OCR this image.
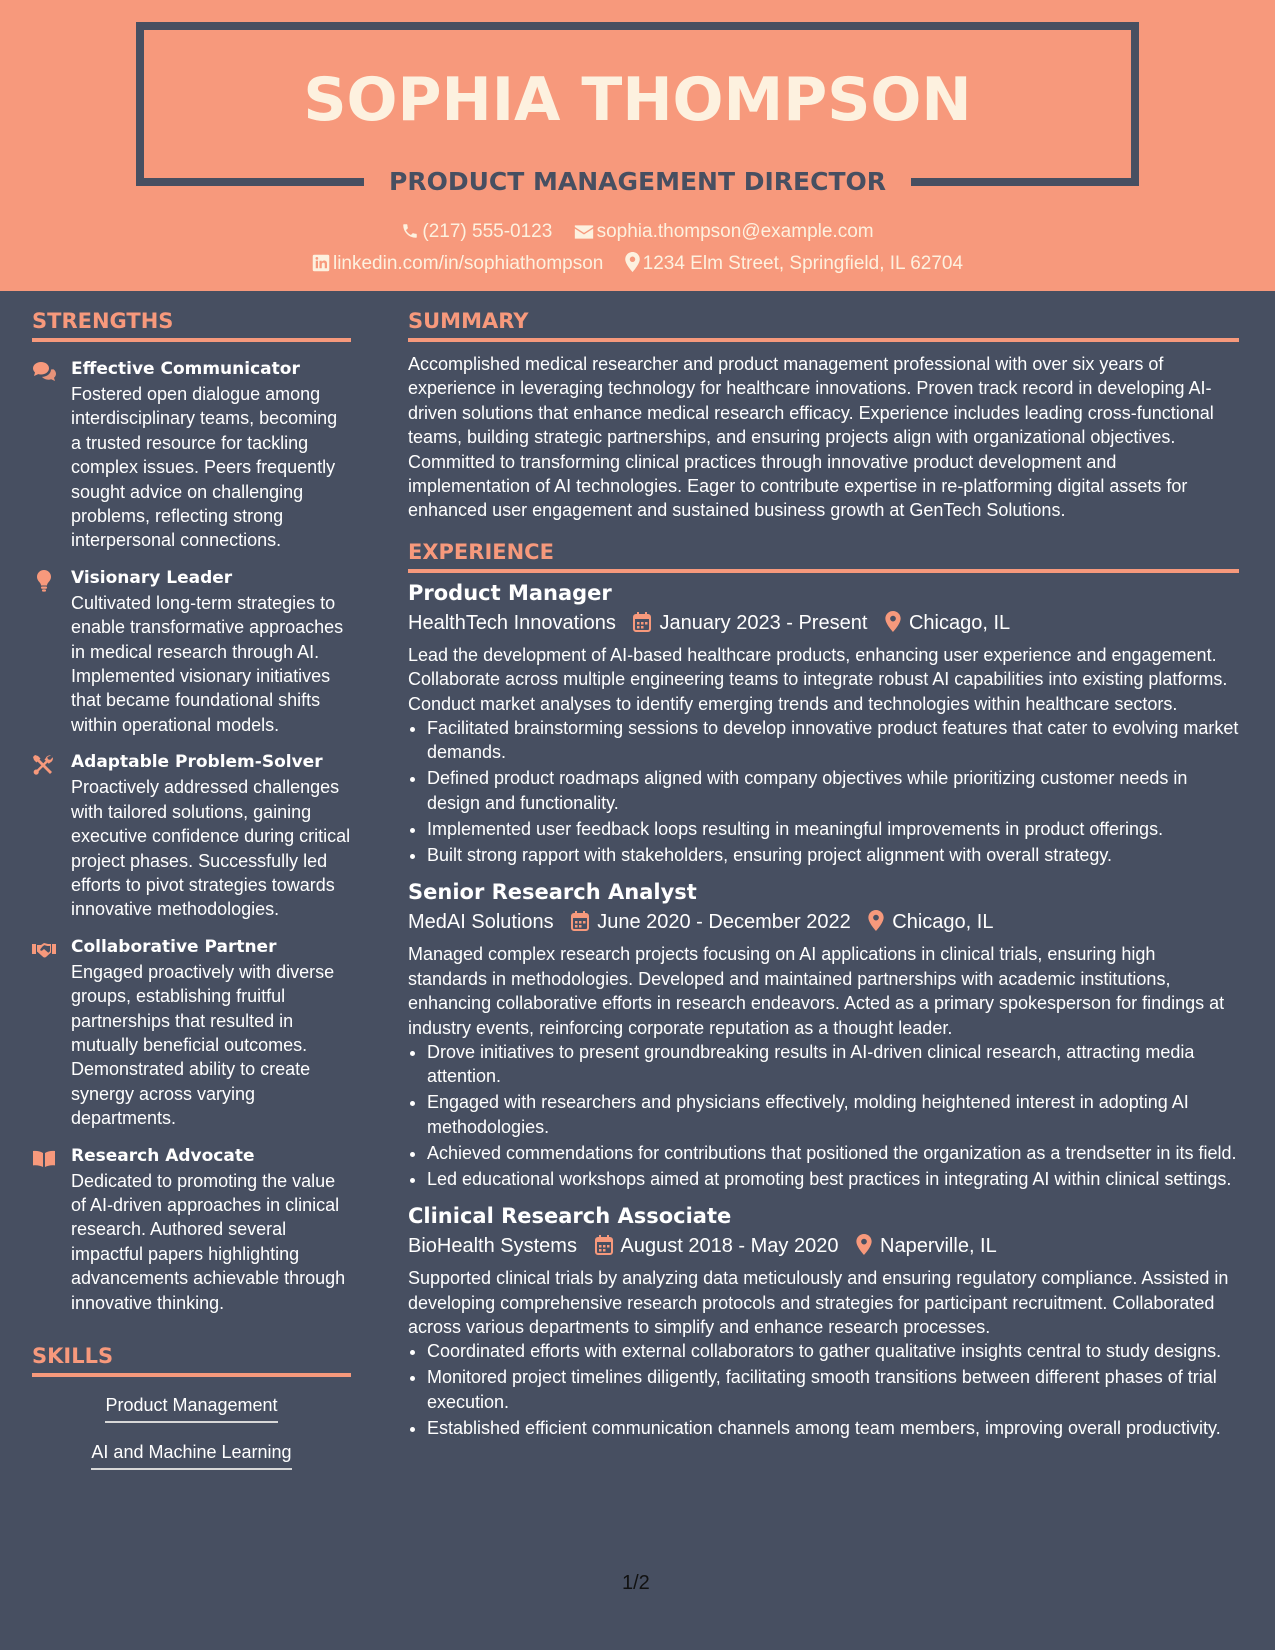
SOPHIA THOMPSON
PRODUCT MANAGEMENT DIRECTOR
(217) 555-0123 sophia.thompson@example.com
linkedin.com/in/sophiathompson 1234 Elm Street, Springfield, IL 62704
STRENGTHS
Effective Communicator
Fostered open dialogue among interdisciplinary teams, becoming a trusted resource for tackling complex issues. Peers frequently sought advice on challenging problems, reflecting strong interpersonal connections.
Visionary Leader
Cultivated long-term strategies to enable transformative approaches in medical research through AI. Implemented visionary initiatives that became foundational shifts within operational models.
Adaptable Problem-Solver
Proactively addressed challenges with tailored solutions, gaining executive confidence during critical project phases. Successfully led efforts to pivot strategies towards innovative methodologies.
Collaborative Partner
Engaged proactively with diverse groups, establishing fruitful partnerships that resulted in mutually beneficial outcomes. Demonstrated ability to create synergy across varying departments.
Research Advocate
Dedicated to promoting the value of AI-driven approaches in clinical research. Authored several impactful papers highlighting advancements achievable through innovative thinking.
SKILLS
Product Management
AI and Machine Learning
SUMMARY
Accomplished medical researcher and product management professional with over six years of experience in leveraging technology for healthcare innovations. Proven track record in developing AI-driven solutions that enhance medical research efficacy. Experience includes leading cross-functional teams, building strategic partnerships, and ensuring projects align with organizational objectives. Committed to transforming clinical practices through innovative product development and implementation of AI technologies. Eager to contribute expertise in re-platforming digital assets for enhanced user engagement and sustained business growth at GenTech Solutions.
EXPERIENCE
Product Manager
HealthTech Innovations January 2023 - Present Chicago, IL
Lead the development of AI-based healthcare products, enhancing user experience and engagement. Collaborate across multiple engineering teams to integrate robust AI capabilities into existing platforms. Conduct market analyses to identify emerging trends and technologies within healthcare sectors.
• Facilitated brainstorming sessions to develop innovative product features that cater to evolving market demands.
• Defined product roadmaps aligned with company objectives while prioritizing customer needs in design and functionality.
• Implemented user feedback loops resulting in meaningful improvements in product offerings.
• Built strong rapport with stakeholders, ensuring project alignment with overall strategy.
Senior Research Analyst
MedAI Solutions June 2020 - December 2022 Chicago, IL
Managed complex research projects focusing on AI applications in clinical trials, ensuring high standards in methodologies. Developed and maintained partnerships with academic institutions, enhancing collaborative efforts in research endeavors. Acted as a primary spokesperson for findings at industry events, reinforcing corporate reputation as a thought leader.
• Drove initiatives to present groundbreaking results in AI-driven clinical research, attracting media attention.
• Engaged with researchers and physicians effectively, molding heightened interest in adopting AI methodologies.
• Achieved commendations for contributions that positioned the organization as a trendsetter in its field.
• Led educational workshops aimed at promoting best practices in integrating AI within clinical settings.
Clinical Research Associate
BioHealth Systems August 2018 - May 2020 Naperville, IL
Supported clinical trials by analyzing data meticulously and ensuring regulatory compliance. Assisted in developing comprehensive research protocols and strategies for participant recruitment. Collaborated across various departments to simplify and enhance research processes.
• Coordinated efforts with external collaborators to gather qualitative insights central to study designs.
• Monitored project timelines diligently, facilitating smooth transitions between different phases of trial execution.
• Established efficient communication channels among team members, improving overall productivity.
1/2
